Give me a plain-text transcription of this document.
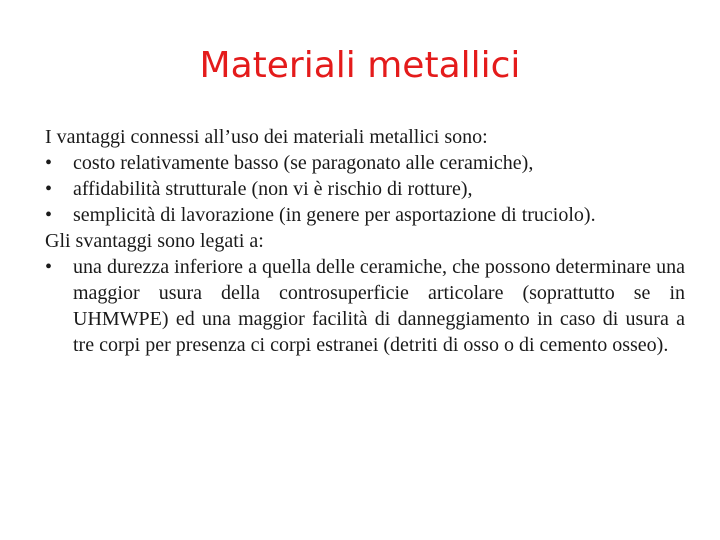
Materiali metallici

I vantaggi connessi all’uso dei materiali metallici sono:

• costo relativamente basso (se paragonato alle ceramiche),
• affidabilità strutturale (non vi è rischio di rotture),
• semplicità di lavorazione (in genere per asportazione di truciolo).

Gli svantaggi sono legati a:

• una durezza inferiore a quella delle ceramiche, che possono determinare una maggior usura della controsuperficie articolare (soprattutto se in UHMWPE) ed una maggior facilità di danneggiamento in caso di usura a tre corpi per presenza ci corpi estranei (detriti di osso o di cemento osseo).
